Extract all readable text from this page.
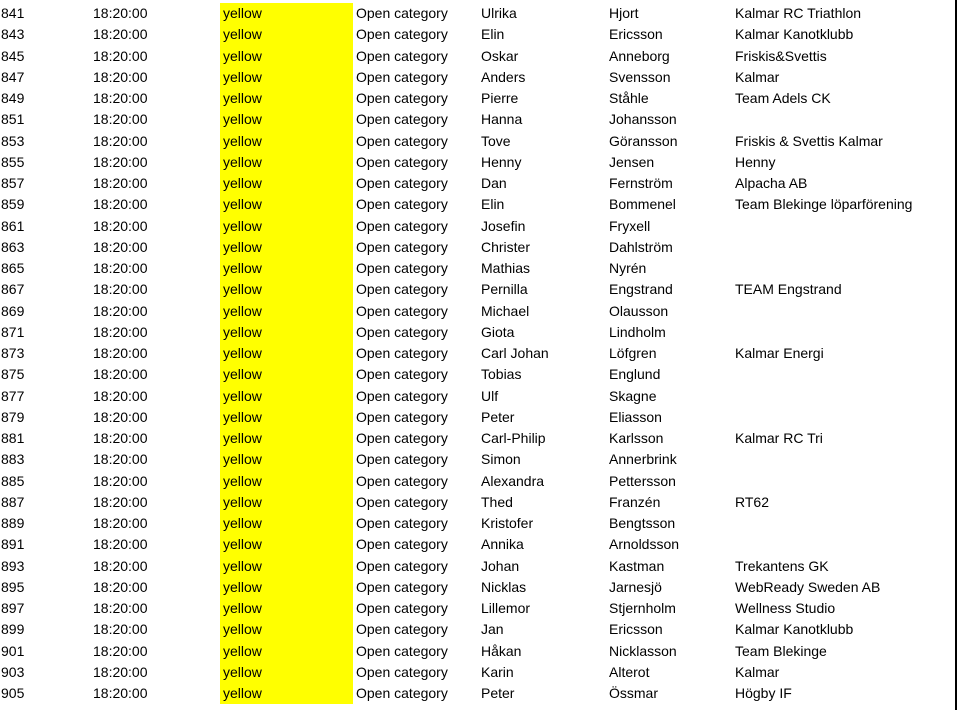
841	18:20:00	yellow	Open category	Ulrika	Hjort	Kalmar RC Triathlon
843	18:20:00	yellow	Open category	Elin	Ericsson	Kalmar Kanotklubb
845	18:20:00	yellow	Open category	Oskar	Anneborg	Friskis&Svettis
847	18:20:00	yellow	Open category	Anders	Svensson	Kalmar
849	18:20:00	yellow	Open category	Pierre	Ståhle	Team Adels CK
851	18:20:00	yellow	Open category	Hanna	Johansson
853	18:20:00	yellow	Open category	Tove	Göransson	Friskis & Svettis Kalmar
855	18:20:00	yellow	Open category	Henny	Jensen	Henny
857	18:20:00	yellow	Open category	Dan	Fernström	Alpacha AB
859	18:20:00	yellow	Open category	Elin	Bommenel	Team Blekinge löparförening
861	18:20:00	yellow	Open category	Josefin	Fryxell
863	18:20:00	yellow	Open category	Christer	Dahlström
865	18:20:00	yellow	Open category	Mathias	Nyrén
867	18:20:00	yellow	Open category	Pernilla	Engstrand	TEAM Engstrand
869	18:20:00	yellow	Open category	Michael	Olausson
871	18:20:00	yellow	Open category	Giota	Lindholm
873	18:20:00	yellow	Open category	Carl Johan	Löfgren	Kalmar Energi
875	18:20:00	yellow	Open category	Tobias	Englund
877	18:20:00	yellow	Open category	Ulf	Skagne
879	18:20:00	yellow	Open category	Peter	Eliasson
881	18:20:00	yellow	Open category	Carl-Philip	Karlsson	Kalmar RC Tri
883	18:20:00	yellow	Open category	Simon	Annerbrink
885	18:20:00	yellow	Open category	Alexandra	Pettersson
887	18:20:00	yellow	Open category	Thed	Franzén	RT62
889	18:20:00	yellow	Open category	Kristofer	Bengtsson
891	18:20:00	yellow	Open category	Annika	Arnoldsson
893	18:20:00	yellow	Open category	Johan	Kastman	Trekantens GK
895	18:20:00	yellow	Open category	Nicklas	Jarnesjö	WebReady Sweden AB
897	18:20:00	yellow	Open category	Lillemor	Stjernholm	Wellness Studio
899	18:20:00	yellow	Open category	Jan	Ericsson	Kalmar Kanotklubb
901	18:20:00	yellow	Open category	Håkan	Nicklasson	Team Blekinge
903	18:20:00	yellow	Open category	Karin	Alterot	Kalmar
905	18:20:00	yellow	Open category	Peter	Össmar	Högby IF
